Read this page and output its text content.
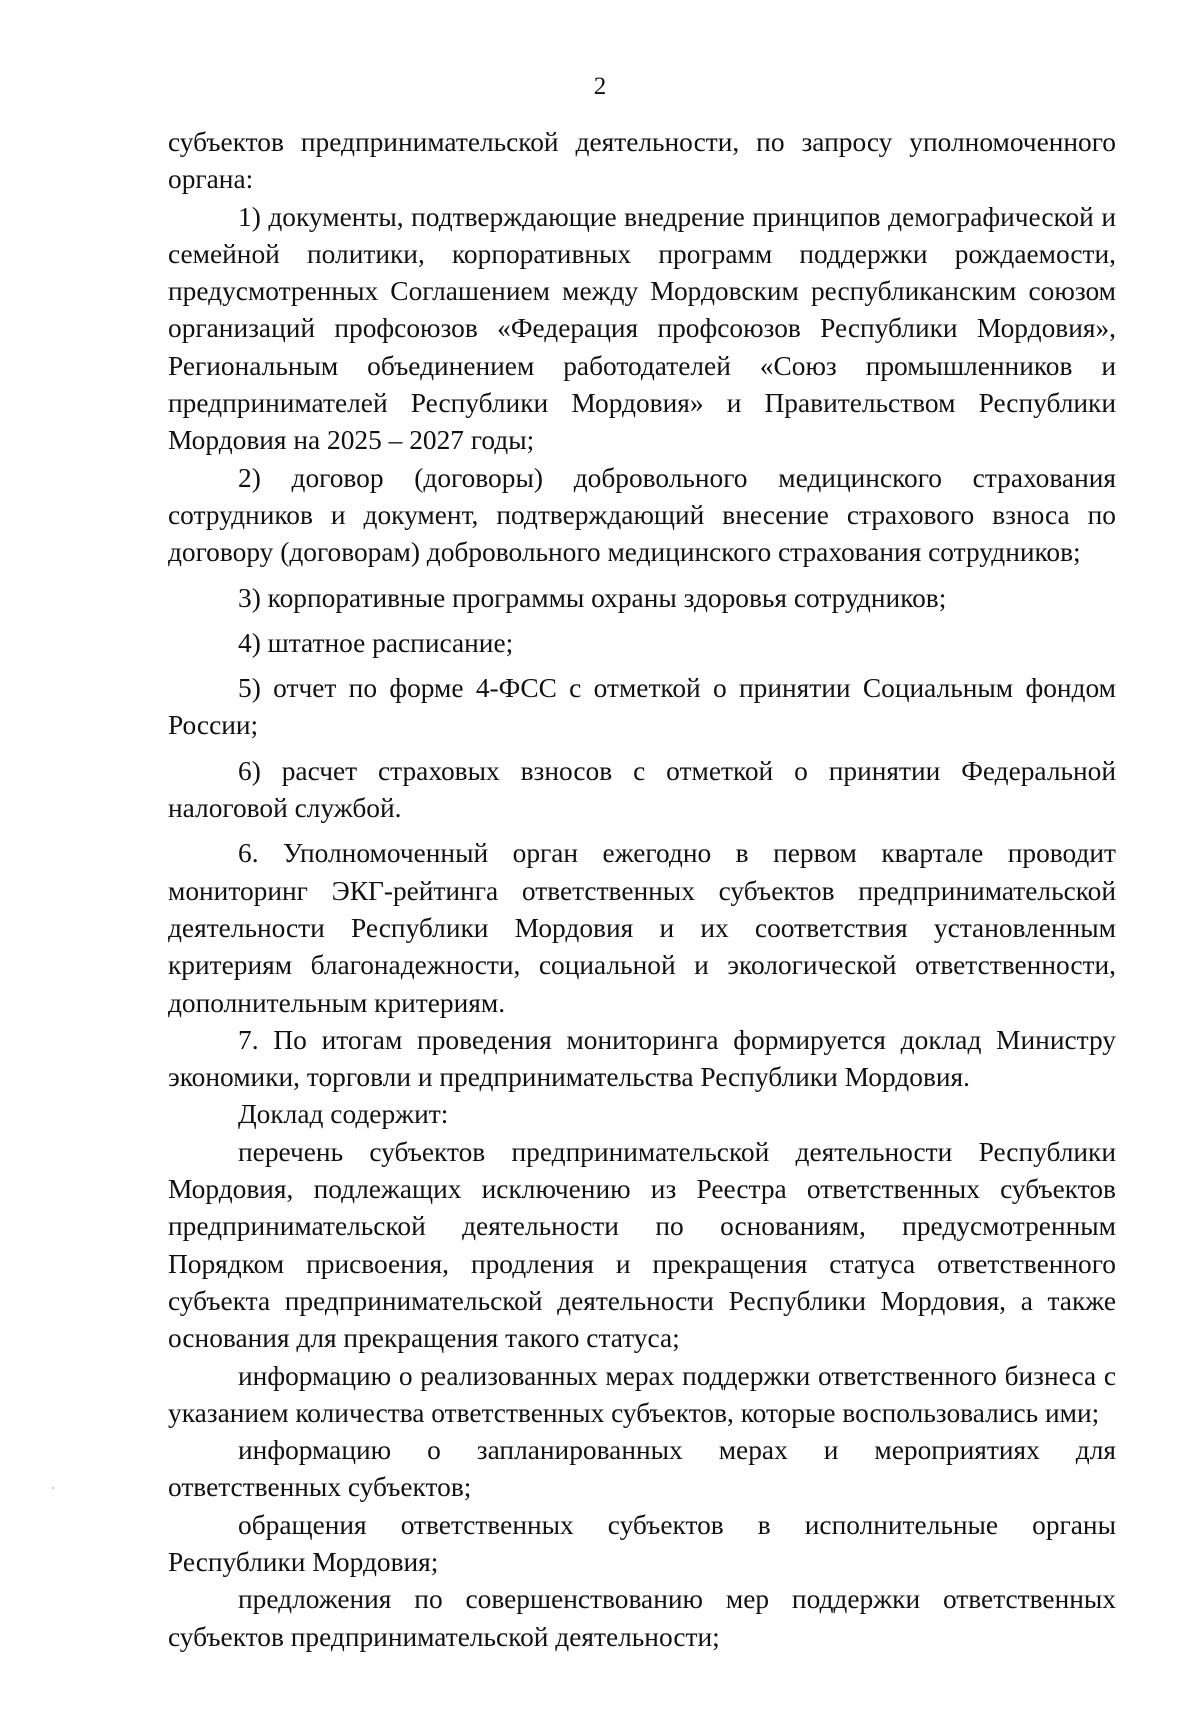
2

субъектов предпринимательской деятельности, по запросу уполномоченного органа:

1) документы, подтверждающие внедрение принципов демографической и семейной политики, корпоративных программ поддержки рождаемости, предусмотренных Соглашением между Мордовским республиканским союзом организаций профсоюзов «Федерация профсоюзов Республики Мордовия», Региональным объединением работодателей «Союз промышленников и предпринимателей Республики Мордовия» и Правительством Республики Мордовия на 2025 – 2027 годы;

2) договор (договоры) добровольного медицинского страхования сотрудников и документ, подтверждающий внесение страхового взноса по договору (договорам) добровольного медицинского страхования сотрудников;

3) корпоративные программы охраны здоровья сотрудников;

4) штатное расписание;

5) отчет по форме 4-ФСС с отметкой о принятии Социальным фондом России;

6) расчет страховых взносов с отметкой о принятии Федеральной налоговой службой.

6. Уполномоченный орган ежегодно в первом квартале проводит мониторинг ЭКГ-рейтинга ответственных субъектов предпринимательской деятельности Республики Мордовия и их соответствия установленным критериям благонадежности, социальной и экологической ответственности, дополнительным критериям.

7. По итогам проведения мониторинга формируется доклад Министру экономики, торговли и предпринимательства Республики Мордовия.

Доклад содержит:

перечень субъектов предпринимательской деятельности Республики Мордовия, подлежащих исключению из Реестра ответственных субъектов предпринимательской деятельности по основаниям, предусмотренным Порядком присвоения, продления и прекращения статуса ответственного субъекта предпринимательской деятельности Республики Мордовия, а также основания для прекращения такого статуса;

информацию о реализованных мерах поддержки ответственного бизнеса с указанием количества ответственных субъектов, которые воспользовались ими;

информацию о запланированных мерах и мероприятиях для ответственных субъектов;

обращения ответственных субъектов в исполнительные органы Республики Мордовия;

предложения по совершенствованию мер поддержки ответственных субъектов предпринимательской деятельности;
